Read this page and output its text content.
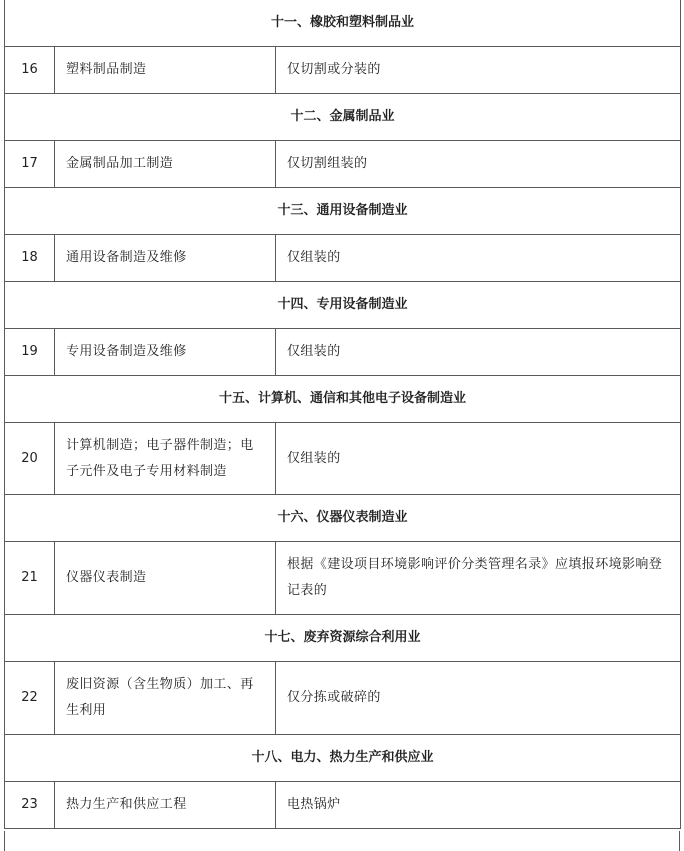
十一、橡胶和塑料制品业		
16	塑料制品制造	仅切割或分装的
十二、金属制品业		
17	金属制品加工制造	仅切割组装的
十三、通用设备制造业		
18	通用设备制造及维修	仅组装的
十四、专用设备制造业		
19	专用设备制造及维修	仅组装的
十五、计算机、通信和其他电子设备制造业		
20	计算机制造；电子器件制造；电子元件及电子专用材料制造	仅组装的
十六、仪器仪表制造业		
21	仪器仪表制造	根据《建设项目环境影响评价分类管理名录》应填报环境影响登记表的
十七、废弃资源综合利用业		
22	废旧资源（含生物质）加工、再生利用	仅分拣或破碎的
十八、电力、热力生产和供应业		
23	热力生产和供应工程	电热锅炉
